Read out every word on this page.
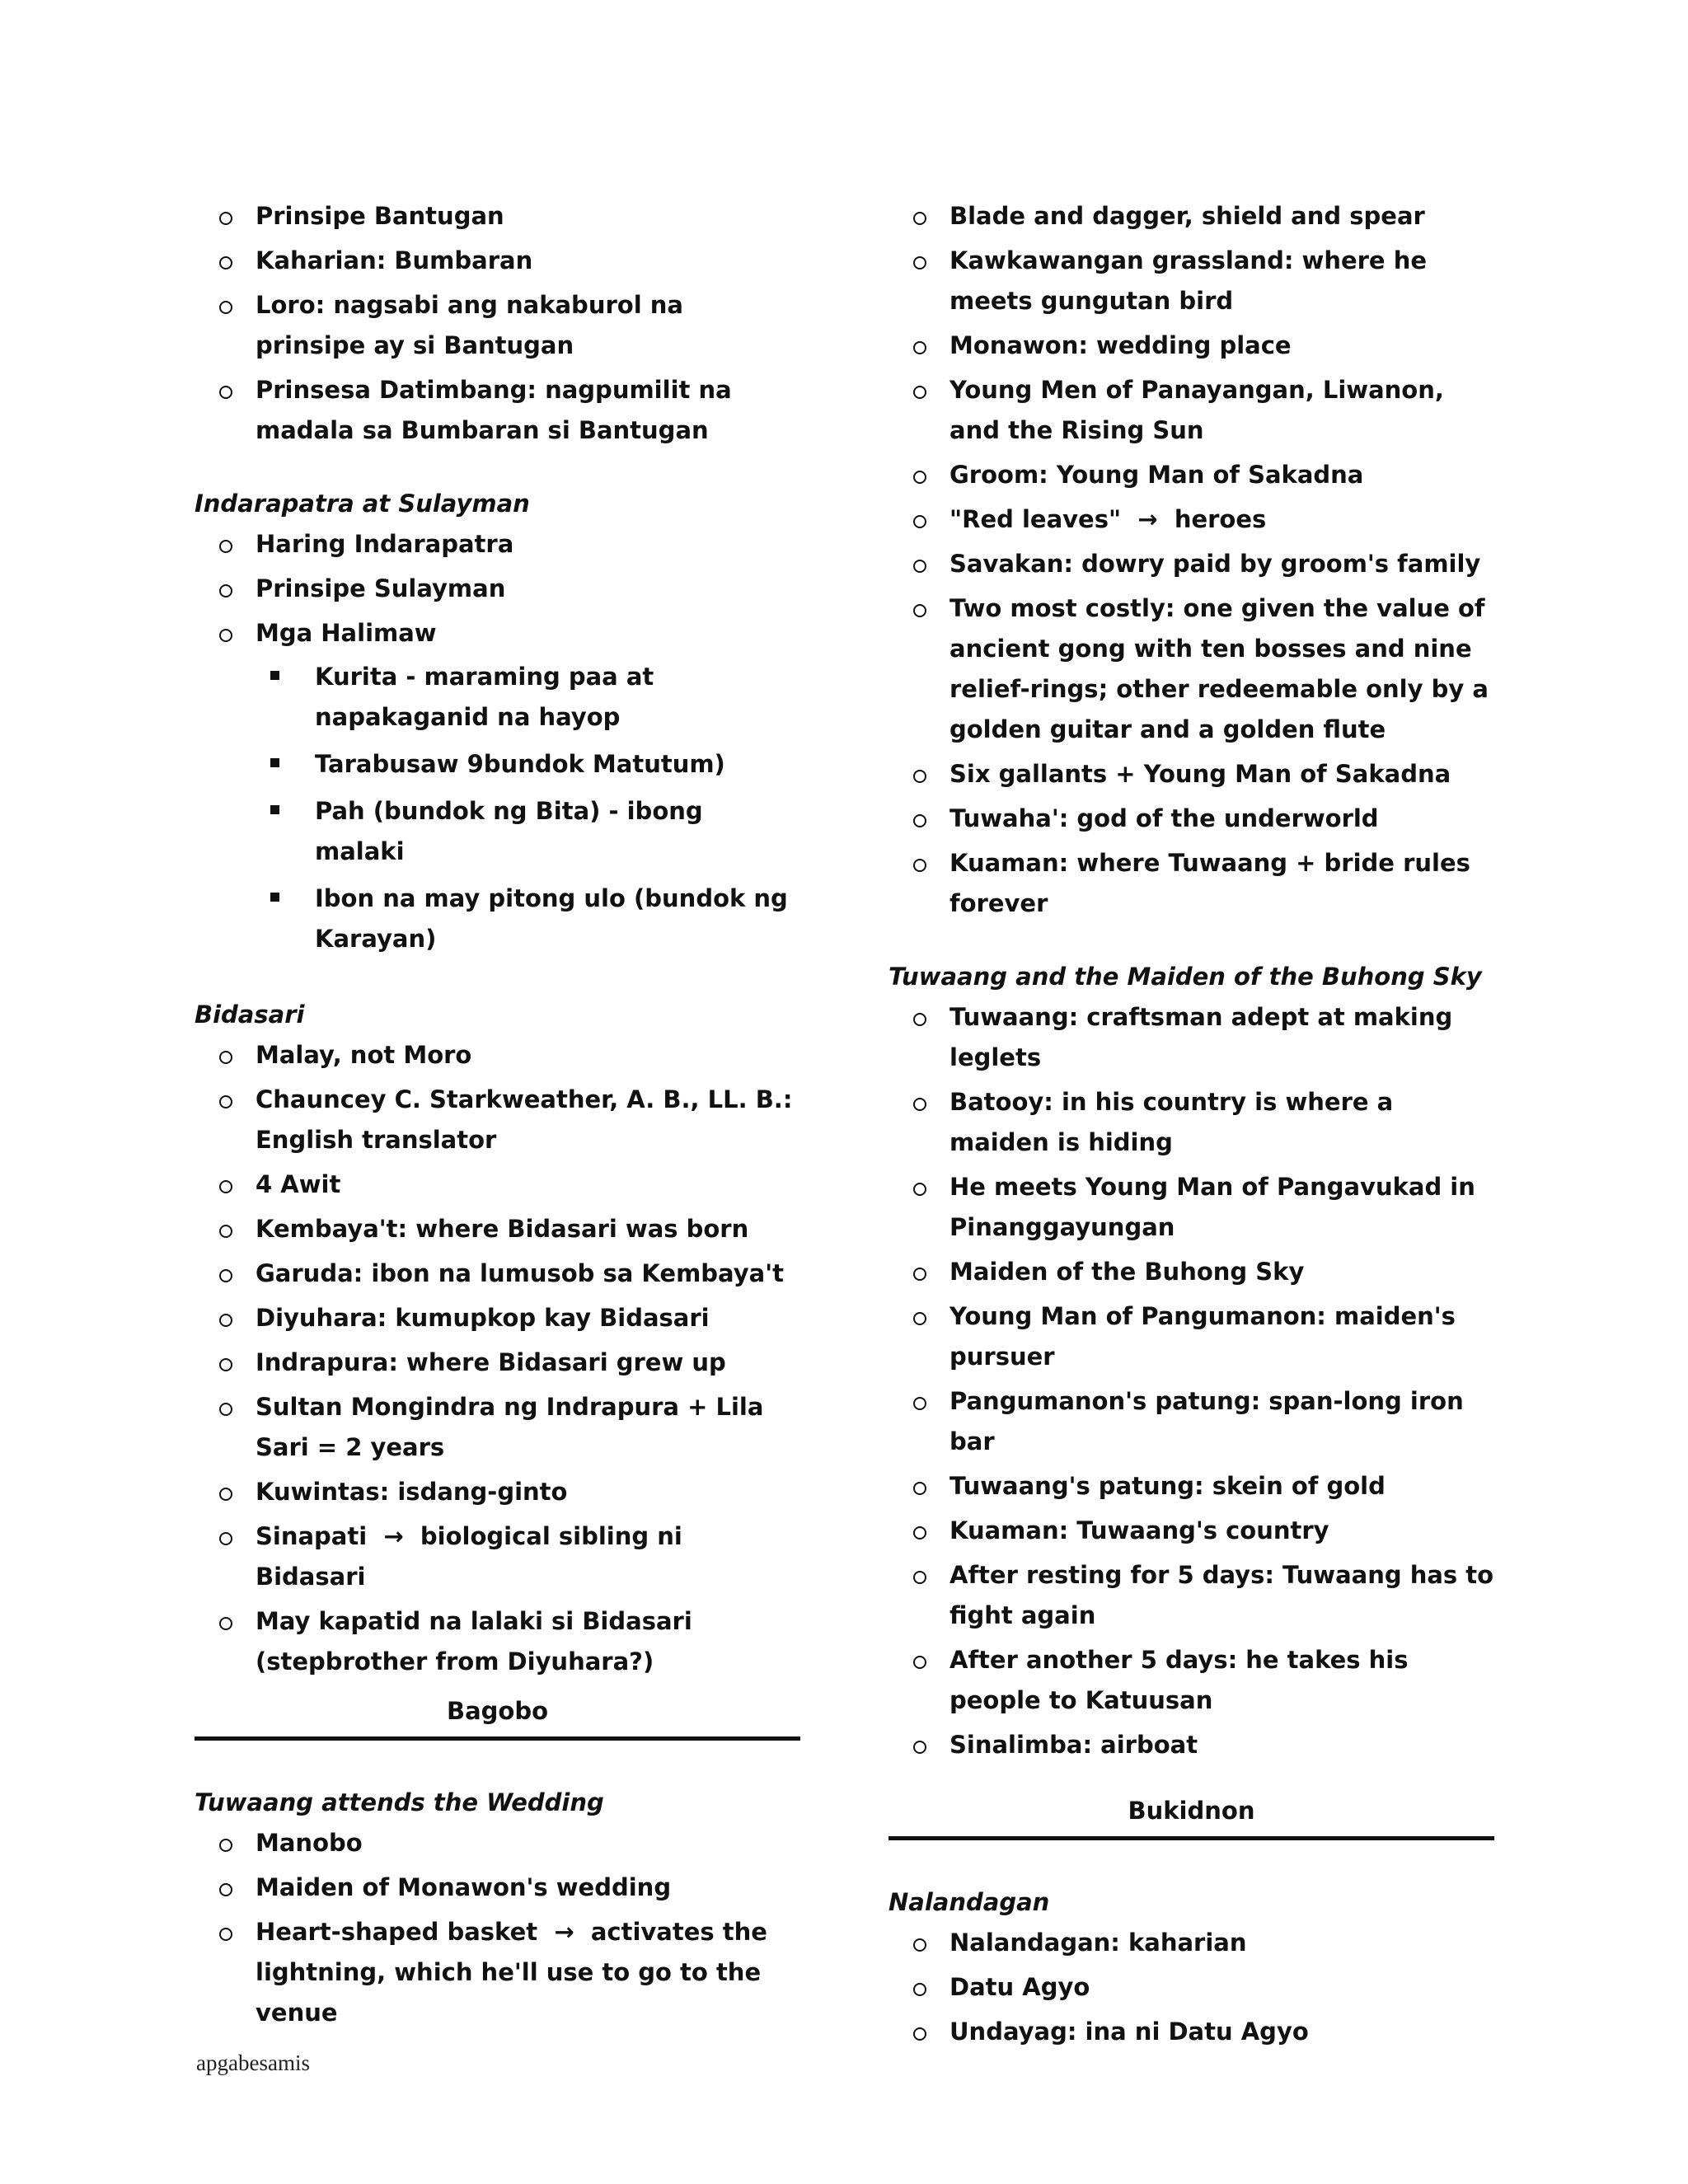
Prinsipe Bantugan
Kaharian: Bumbaran
Loro: nagsabi ang nakaburol na prinsipe ay si Bantugan
Prinsesa Datimbang: nagpumilit na madala sa Bumbaran si Bantugan

Indarapatra at Sulayman

Haring Indarapatra
Prinsipe Sulayman
Mga Halimaw
Kurita - maraming paa at napakaganid na hayop
Tarabusaw 9bundok Matutum)
Pah (bundok ng Bita) - ibong malaki
Ibon na may pitong ulo (bundok ng Karayan)

Bidasari

Malay, not Moro
Chauncey C. Starkweather, A. B., LL. B.: English translator
4 Awit
Kembaya't: where Bidasari was born
Garuda: ibon na lumusob sa Kembaya't
Diyuhara: kumupkop kay Bidasari
Indrapura: where Bidasari grew up
Sultan Mongindra ng Indrapura + Lila Sari = 2 years
Kuwintas: isdang-ginto
Sinapati  →  biological sibling ni Bidasari
May kapatid na lalaki si Bidasari (stepbrother from Diyuhara?)

Bagobo

Tuwaang attends the Wedding

Manobo
Maiden of Monawon's wedding
Heart-shaped basket  →  activates the lightning, which he'll use to go to the venue
Blade and dagger, shield and spear
Kawkawangan grassland: where he meets gungutan bird
Monawon: wedding place
Young Men of Panayangan, Liwanon, and the Rising Sun
Groom: Young Man of Sakadna
"Red leaves"  →  heroes
Savakan: dowry paid by groom's family
Two most costly: one given the value of ancient gong with ten bosses and nine relief-rings; other redeemable only by a golden guitar and a golden flute
Six gallants + Young Man of Sakadna
Tuwaha': god of the underworld
Kuaman: where Tuwaang + bride rules forever

Tuwaang and the Maiden of the Buhong Sky

Tuwaang: craftsman adept at making leglets
Batooy: in his country is where a maiden is hiding
He meets Young Man of Pangavukad in Pinanggayungan
Maiden of the Buhong Sky
Young Man of Pangumanon: maiden's pursuer
Pangumanon's patung: span-long iron bar
Tuwaang's patung: skein of gold
Kuaman: Tuwaang's country
After resting for 5 days: Tuwaang has to fight again
After another 5 days: he takes his people to Katuusan
Sinalimba: airboat

Bukidnon

Nalandagan

Nalandagan: kaharian
Datu Agyo
Undayag: ina ni Datu Agyo
apgabesamis
